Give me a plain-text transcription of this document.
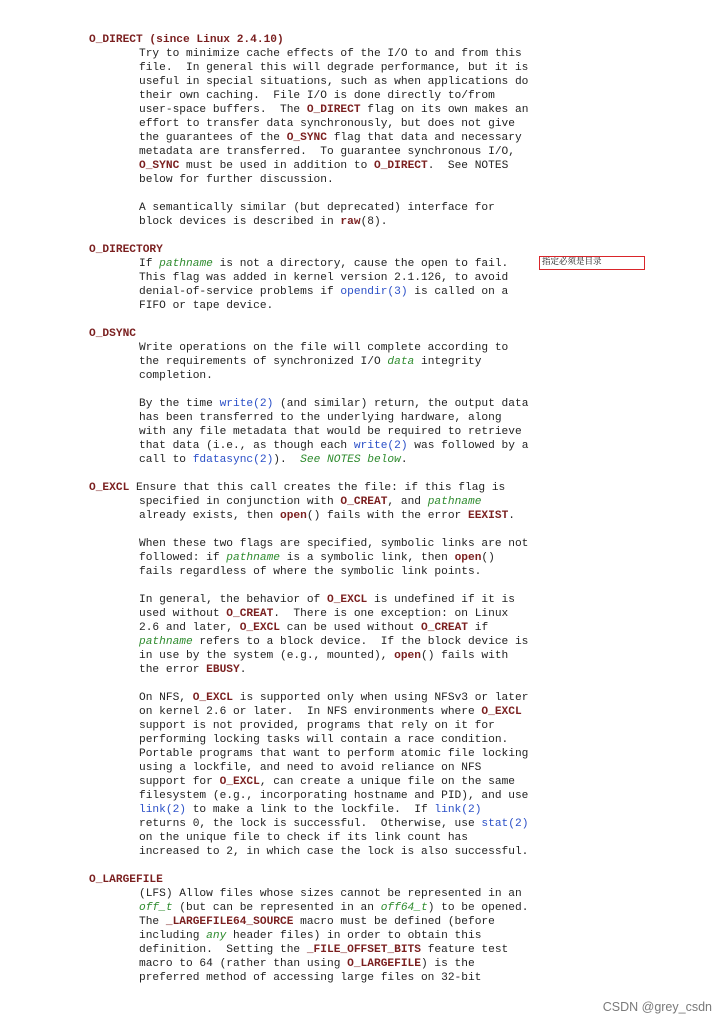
O_DIRECT (since Linux 2.4.10)
Try to minimize cache effects of the I/O to and from this
file.  In general this will degrade performance, but it is
useful in special situations, such as when applications do
their own caching.  File I/O is done directly to/from
user-space buffers.  The O_DIRECT flag on its own makes an
effort to transfer data synchronously, but does not give
the guarantees of the O_SYNC flag that data and necessary
metadata are transferred.  To guarantee synchronous I/O,
O_SYNC must be used in addition to O_DIRECT.  See NOTES
below for further discussion.
A semantically similar (but deprecated) interface for
block devices is described in raw(8).
O_DIRECTORY
If pathname is not a directory, cause the open to fail.
This flag was added in kernel version 2.1.126, to avoid
denial-of-service problems if opendir(3) is called on a
FIFO or tape device.
O_DSYNC
Write operations on the file will complete according to
the requirements of synchronized I/O data integrity
completion.
By the time write(2) (and similar) return, the output data
has been transferred to the underlying hardware, along
with any file metadata that would be required to retrieve
that data (i.e., as though each write(2) was followed by a
call to fdatasync(2)).  See NOTES below.
O_EXCL Ensure that this call creates the file: if this flag is
specified in conjunction with O_CREAT, and pathname
already exists, then open() fails with the error EEXIST.
When these two flags are specified, symbolic links are not
followed: if pathname is a symbolic link, then open()
fails regardless of where the symbolic link points.
In general, the behavior of O_EXCL is undefined if it is
used without O_CREAT.  There is one exception: on Linux
2.6 and later, O_EXCL can be used without O_CREAT if
pathname refers to a block device.  If the block device is
in use by the system (e.g., mounted), open() fails with
the error EBUSY.
On NFS, O_EXCL is supported only when using NFSv3 or later
on kernel 2.6 or later.  In NFS environments where O_EXCL
support is not provided, programs that rely on it for
performing locking tasks will contain a race condition.
Portable programs that want to perform atomic file locking
using a lockfile, and need to avoid reliance on NFS
support for O_EXCL, can create a unique file on the same
filesystem (e.g., incorporating hostname and PID), and use
link(2) to make a link to the lockfile.  If link(2)
returns 0, the lock is successful.  Otherwise, use stat(2)
on the unique file to check if its link count has
increased to 2, in which case the lock is also successful.
O_LARGEFILE
(LFS) Allow files whose sizes cannot be represented in an
off_t (but can be represented in an off64_t) to be opened.
The _LARGEFILE64_SOURCE macro must be defined (before
including any header files) in order to obtain this
definition.  Setting the _FILE_OFFSET_BITS feature test
macro to 64 (rather than using O_LARGEFILE) is the
preferred method of accessing large files on 32-bit
指定必须是目录
CSDN @grey_csdn
